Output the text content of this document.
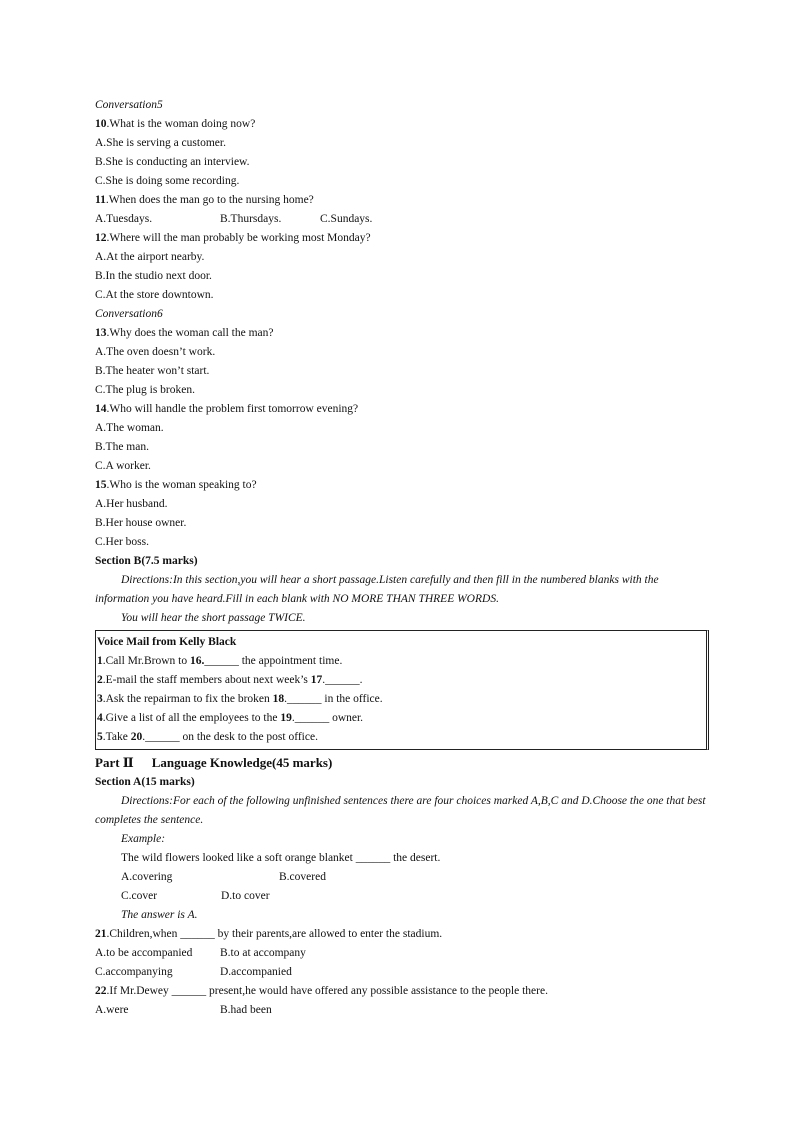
Conversation5
10.What is the woman doing now?
A.She is serving a customer.
B.She is conducting an interview.
C.She is doing some recording.
11.When does the man go to the nursing home?
A.Tuesdays.	B.Thursdays.	C.Sundays.
12.Where will the man probably be working most Monday?
A.At the airport nearby.
B.In the studio next door.
C.At the store downtown.
Conversation6
13.Why does the woman call the man?
A.The oven doesn’t work.
B.The heater won’t start.
C.The plug is broken.
14.Who will handle the problem first tomorrow evening?
A.The woman.
B.The man.
C.A worker.
15.Who is the woman speaking to?
A.Her husband.
B.Her house owner.
C.Her boss.
Section B(7.5 marks)
Directions:In this section,you will hear a short passage.Listen carefully and then fill in the numbered blanks with the information you have heard.Fill in each blank with NO MORE THAN THREE WORDS.
You will hear the short passage TWICE.
Voice Mail from Kelly Black
1.Call Mr.Brown to 16.______ the appointment time.
2.E-mail the staff members about next week’s 17.______.
3.Ask the repairman to fix the broken 18.______ in the office.
4.Give a list of all the employees to the 19.______ owner.
5.Take 20.______ on the desk to the post office.
Part Ⅱ Language Knowledge(45 marks)
Section A(15 marks)
Directions:For each of the following unfinished sentences there are four choices marked A,B,C and D.Choose the one that best completes the sentence.
Example:
The wild flowers looked like a soft orange blanket ______ the desert.
A.covering	B.covered
C.cover	D.to cover
The answer is A.
21.Children,when ______ by their parents,are allowed to enter the stadium.
A.to be accompanied B.to at accompany
C.accompanying	D.accompanied
22.If Mr.Dewey ______ present,he would have offered any possible assistance to the people there.
A.were	B.had been
